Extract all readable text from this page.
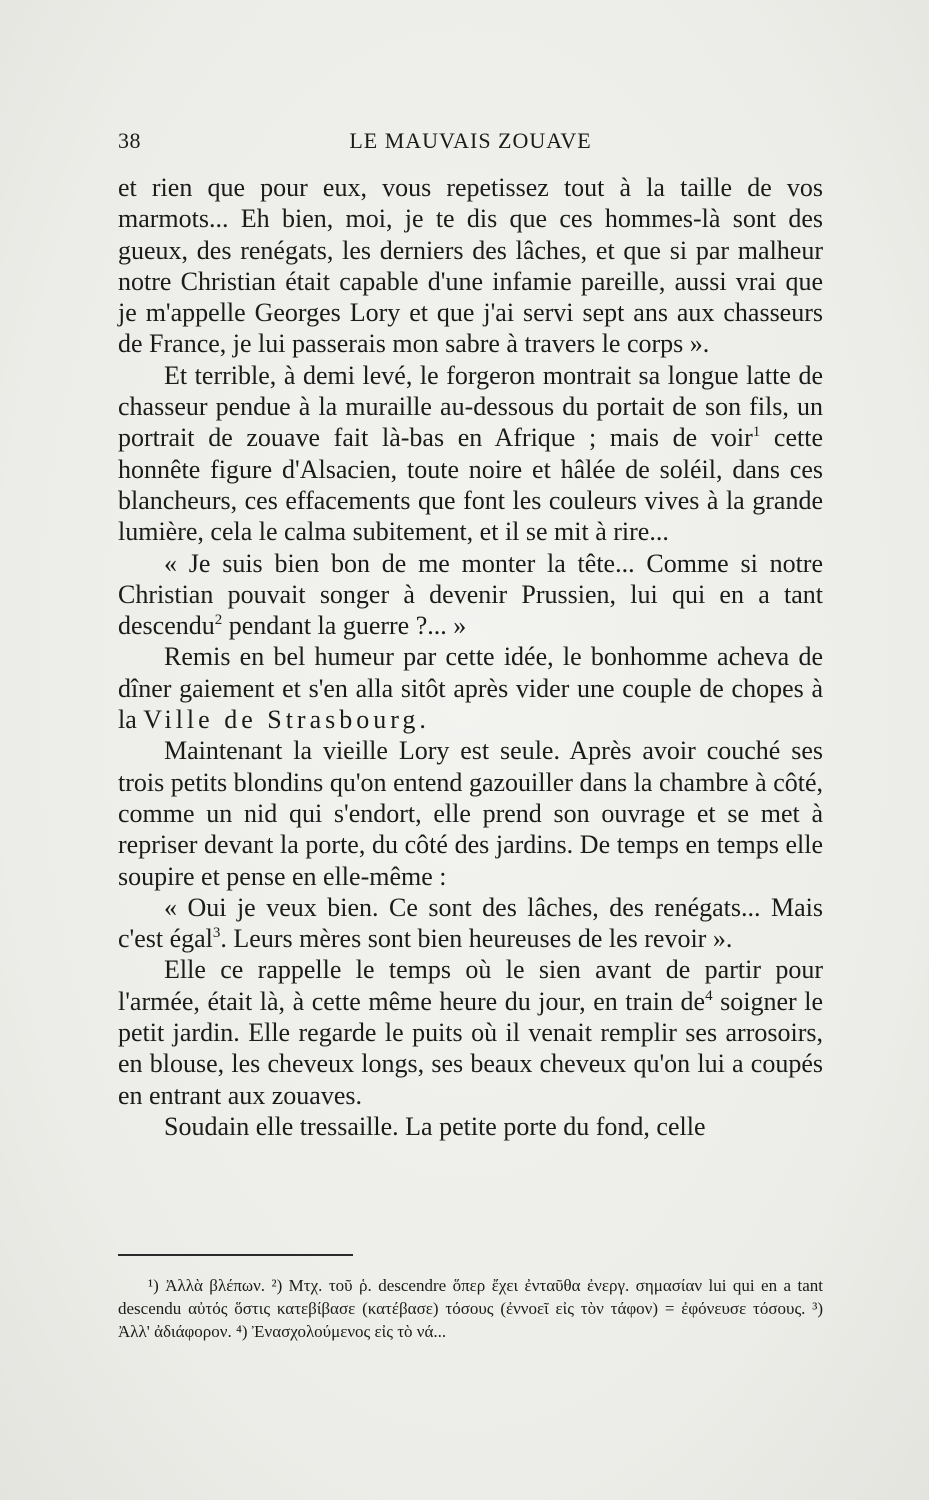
38	LE MAUVAIS ZOUAVE

et rien que pour eux, vous repetissez tout à la taille de vos marmots... Eh bien, moi, je te dis que ces hommes-là sont des gueux, des renégats, les derniers des lâches, et que si par malheur notre Christian était capable d'une infamie pareille, aussi vrai que je m'appelle Georges Lory et que j'ai servi sept ans aux chasseurs de France, je lui passerais mon sabre à travers le corps ».

Et terrible, à demi levé, le forgeron montrait sa longue latte de chasseur pendue à la muraille au-dessous du portait de son fils, un portrait de zouave fait là-bas en Afrique ; mais de voir$^1$ cette honnête figure d'Alsacien, toute noire et hâlée de soléil, dans ces blancheurs, ces effacements que font les couleurs vives à la grande lumière, cela le calma subitement, et il se mit à rire...

« Je suis bien bon de me monter la tête... Comme si notre Christian pouvait songer à devenir Prussien, lui qui en a tant descendu$^2$ pendant la guerre ?... »

Remis en bel humeur par cette idée, le bonhomme acheva de dîner gaiement et s'en alla sitôt après vider une couple de chopes à la Ville de Strasbourg.

Maintenant la vieille Lory est seule. Après avoir couché ses trois petits blondins qu'on entend gazouiller dans la chambre à côté, comme un nid qui s'endort, elle prend son ouvrage et se met à repriser devant la porte, du côté des jardins. De temps en temps elle soupire et pense en elle-même :

« Oui je veux bien. Ce sont des lâches, des renégats... Mais c'est égal$^3$. Leurs mères sont bien heureuses de les revoir ».

Elle ce rappelle le temps où le sien avant de partir pour l'armée, était là, à cette même heure du jour, en train $de^4$ soigner le petit jardin. Elle regarde le puits où il venait remplir ses arrosoirs, en blouse, les cheveux longs, ses beaux cheveux qu'on lui a coupés en entrant aux zouaves.

Soudain elle tressaille. La petite porte du fond, celle

¹) Ἀλλὰ βλέπων. ²) Μτχ. τοῦ ῥ. descendre ὅπερ ἔχει ἐνταῦθα ἐνεργ. σημασίαν lui qui en a tant descendu αὐτός ὅστις κατεβίβασε (κατέβασε) τόσους (ἐννοεῖ εἰς τὸν τάφον) = ἐφόνευσε τόσους. ³) Ἀλλ' ἀδιάφορον. ⁴) Ἐνασχολούμενος εἰς τὸ νά...
